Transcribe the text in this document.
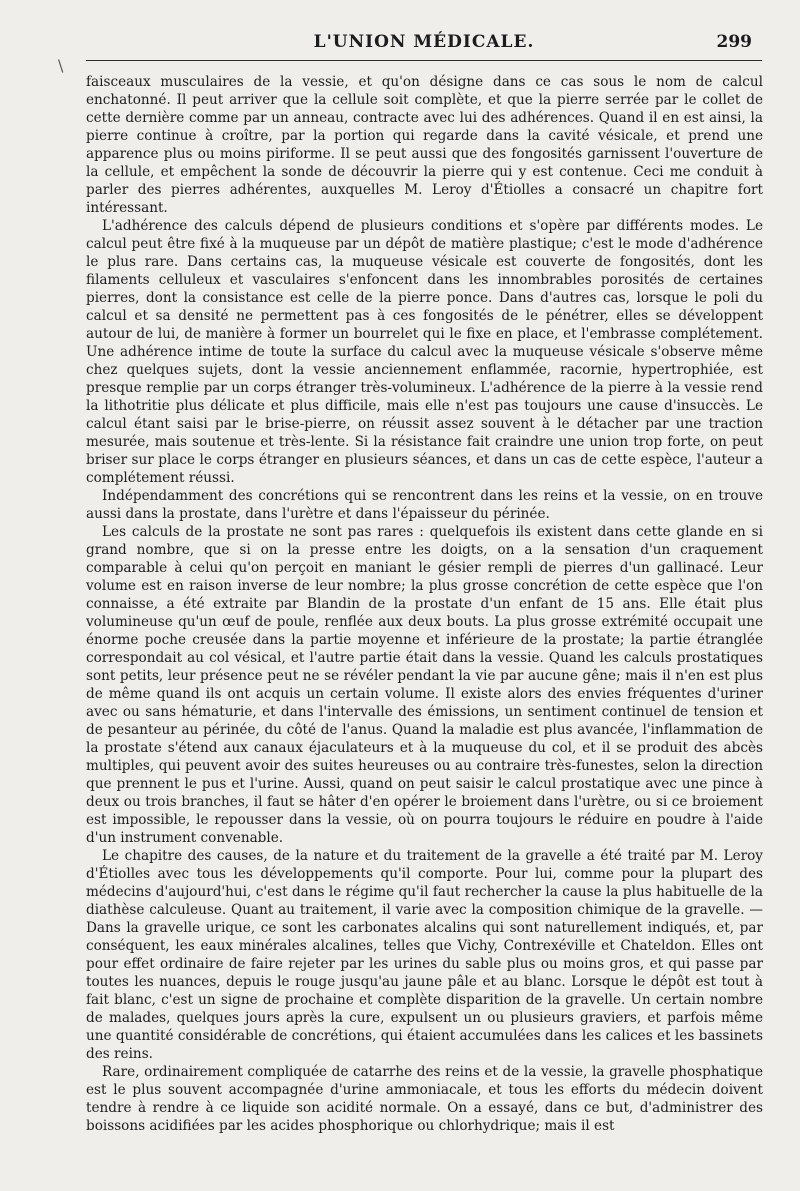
\
L'UNION MÉDICALE.	299

faisceaux musculaires de la vessie, et qu'on désigne dans ce cas sous le nom de calcul enchatonné. Il peut arriver que la cellule soit complète, et que la pierre serrée par le collet de cette dernière comme par un anneau, contracte avec lui des adhérences. Quand il en est ainsi, la pierre continue à croître, par la portion qui regarde dans la cavité vésicale, et prend une apparence plus ou moins piriforme. Il se peut aussi que des fongosités garnissent l'ouverture de la cellule, et empêchent la sonde de découvrir la pierre qui y est contenue. Ceci me conduit à parler des pierres adhérentes, auxquelles M. Leroy d'Étiolles a consacré un chapitre fort intéressant.

L'adhérence des calculs dépend de plusieurs conditions et s'opère par différents modes. Le calcul peut être fixé à la muqueuse par un dépôt de matière plastique; c'est le mode d'adhérence le plus rare. Dans certains cas, la muqueuse vésicale est couverte de fongosités, dont les filaments celluleux et vasculaires s'enfoncent dans les innombrables porosités de certaines pierres, dont la consistance est celle de la pierre ponce. Dans d'autres cas, lorsque le poli du calcul et sa densité ne permettent pas à ces fongosités de le pénétrer, elles se développent autour de lui, de manière à former un bourrelet qui le fixe en place, et l'embrasse complétement. Une adhérence intime de toute la surface du calcul avec la muqueuse vésicale s'observe même chez quelques sujets, dont la vessie anciennement enflammée, racornie, hypertrophiée, est presque remplie par un corps étranger très-volumineux. L'adhérence de la pierre à la vessie rend la lithotritie plus délicate et plus difficile, mais elle n'est pas toujours une cause d'insuccès. Le calcul étant saisi par le brise-pierre, on réussit assez souvent à le détacher par une traction mesurée, mais soutenue et très-lente. Si la résistance fait craindre une union trop forte, on peut briser sur place le corps étranger en plusieurs séances, et dans un cas de cette espèce, l'auteur a complétement réussi.

Indépendamment des concrétions qui se rencontrent dans les reins et la vessie, on en trouve aussi dans la prostate, dans l'urètre et dans l'épaisseur du périnée.

Les calculs de la prostate ne sont pas rares : quelquefois ils existent dans cette glande en si grand nombre, que si on la presse entre les doigts, on a la sensation d'un craquement comparable à celui qu'on perçoit en maniant le gésier rempli de pierres d'un gallinacé. Leur volume est en raison inverse de leur nombre; la plus grosse concrétion de cette espèce que l'on connaisse, a été extraite par Blandin de la prostate d'un enfant de 15 ans. Elle était plus volumineuse qu'un œuf de poule, renflée aux deux bouts. La plus grosse extrémité occupait une énorme poche creusée dans la partie moyenne et inférieure de la prostate; la partie étranglée correspondait au col vésical, et l'autre partie était dans la vessie. Quand les calculs prostatiques sont petits, leur présence peut ne se révéler pendant la vie par aucune gêne; mais il n'en est plus de même quand ils ont acquis un certain volume. Il existe alors des envies fréquentes d'uriner avec ou sans hématurie, et dans l'intervalle des émissions, un sentiment continuel de tension et de pesanteur au périnée, du côté de l'anus. Quand la maladie est plus avancée, l'inflammation de la prostate s'étend aux canaux éjaculateurs et à la muqueuse du col, et il se produit des abcès multiples, qui peuvent avoir des suites heureuses ou au contraire très-funestes, selon la direction que prennent le pus et l'urine. Aussi, quand on peut saisir le calcul prostatique avec une pince à deux ou trois branches, il faut se hâter d'en opérer le broiement dans l'urètre, ou si ce broiement est impossible, le repousser dans la vessie, où on pourra toujours le réduire en poudre à l'aide d'un instrument convenable.

Le chapitre des causes, de la nature et du traitement de la gravelle a été traité par M. Leroy d'Étiolles avec tous les développements qu'il comporte. Pour lui, comme pour la plupart des médecins d'aujourd'hui, c'est dans le régime qu'il faut rechercher la cause la plus habituelle de la diathèse calculeuse. Quant au traitement, il varie avec la composition chimique de la gravelle. — Dans la gravelle urique, ce sont les carbonates alcalins qui sont naturellement indiqués, et, par conséquent, les eaux minérales alcalines, telles que Vichy, Contrexéville et Chateldon. Elles ont pour effet ordinaire de faire rejeter par les urines du sable plus ou moins gros, et qui passe par toutes les nuances, depuis le rouge jusqu'au jaune pâle et au blanc. Lorsque le dépôt est tout à fait blanc, c'est un signe de prochaine et complète disparition de la gravelle. Un certain nombre de malades, quelques jours après la cure, expulsent un ou plusieurs graviers, et parfois même une quantité considérable de concrétions, qui étaient accumulées dans les calices et les bassinets des reins.

Rare, ordinairement compliquée de catarrhe des reins et de la vessie, la gravelle phosphatique est le plus souvent accompagnée d'urine ammoniacale, et tous les efforts du médecin doivent tendre à rendre à ce liquide son acidité normale. On a essayé, dans ce but, d'administrer des boissons acidifiées par les acides phosphorique ou chlorhydrique; mais il est
